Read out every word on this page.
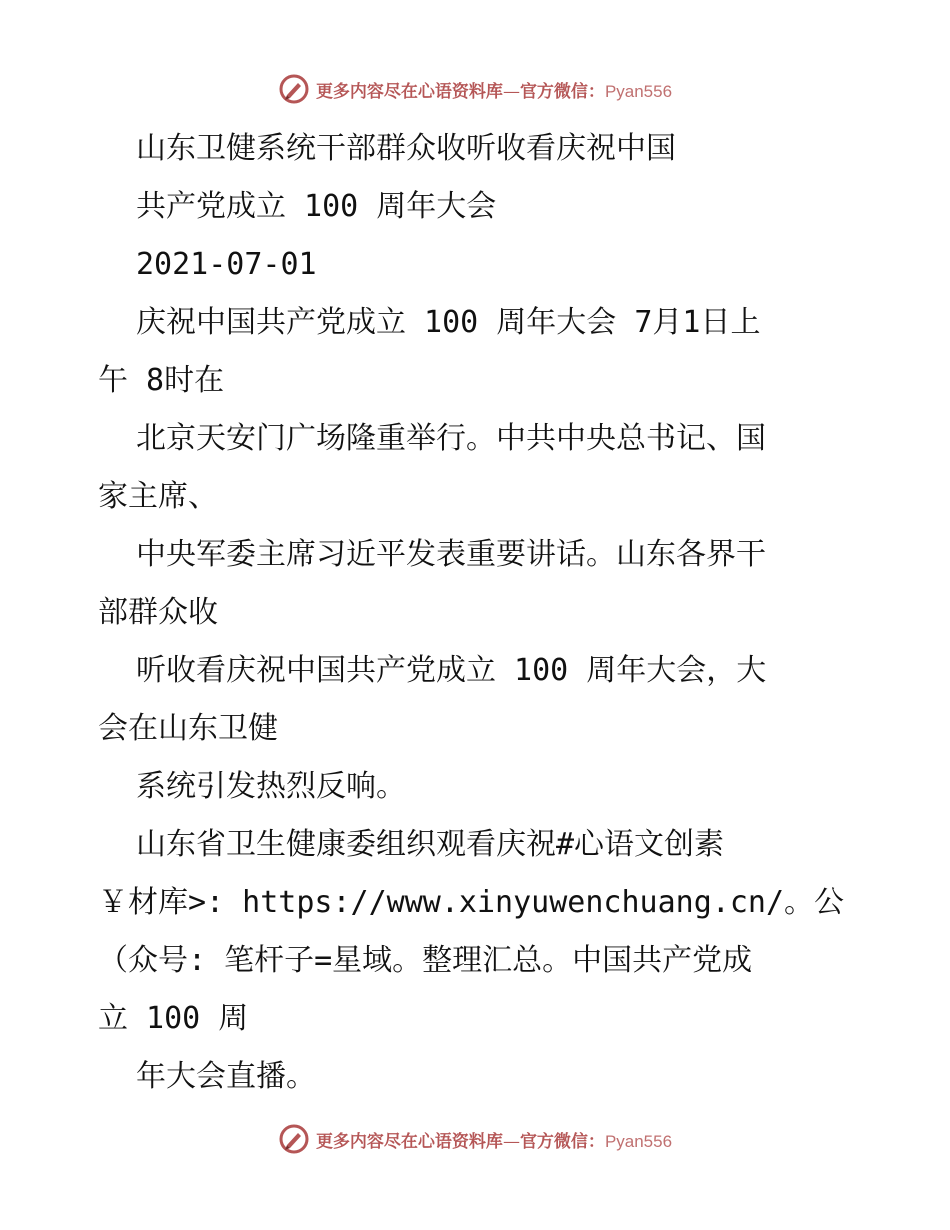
更多内容尽在心语资料库—官方微信：Pyan556
山东卫健系统干部群众收听收看庆祝中国
共产党成立 100 周年大会
2021-07-01
庆祝中国共产党成立 100 周年大会 7月1日上
午 8时在
北京天安门广场隆重举行。中共中央总书记、国
家主席、
中央军委主席习近平发表重要讲话。山东各界干
部群众收
听收看庆祝中国共产党成立 100 周年大会，大
会在山东卫健
系统引发热烈反响。
山东省卫生健康委组织观看庆祝#心语文创素
￥材库>: https://www.xinyuwenchuang.cn/。公
（众号: 笔杆子=星域。整理汇总。中国共产党成
立 100 周
年大会直播。
更多内容尽在心语资料库—官方微信：Pyan556
